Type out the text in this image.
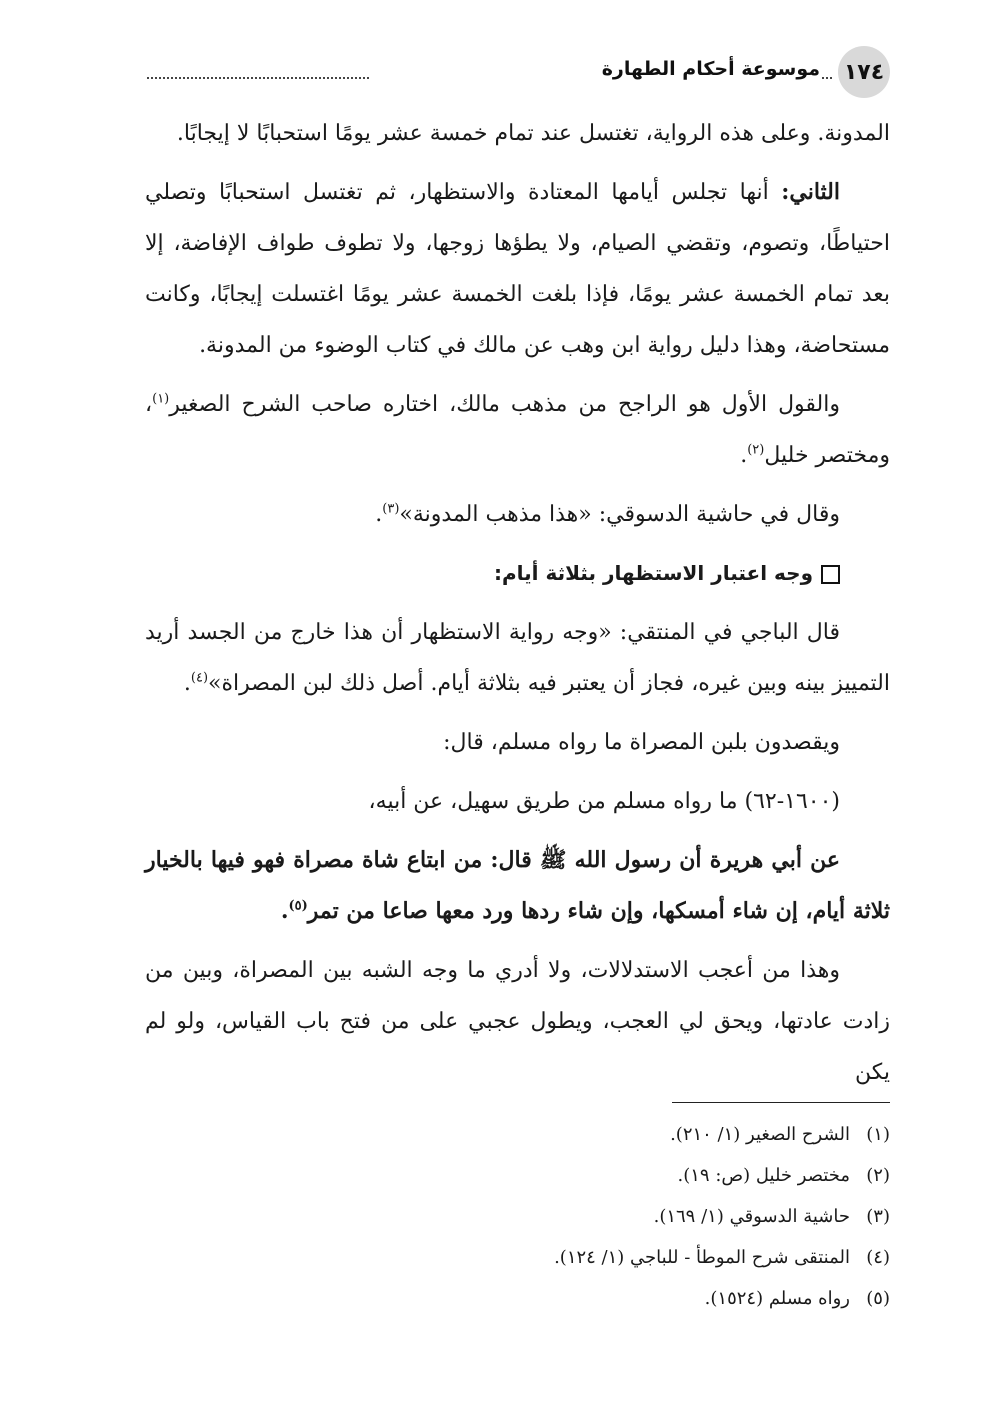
١٧٤
موسوعة أحكام الطهارة

المدونة. وعلى هذه الرواية، تغتسل عند تمام خمسة عشر يومًا استحبابًا لا إيجابًا.

الثاني: أنها تجلس أيامها المعتادة والاستظهار، ثم تغتسل استحبابًا وتصلي احتياطًا، وتصوم، وتقضي الصيام، ولا يطؤها زوجها، ولا تطوف طواف الإفاضة، إلا بعد تمام الخمسة عشر يومًا، فإذا بلغت الخمسة عشر يومًا اغتسلت إيجابًا، وكانت مستحاضة، وهذا دليل رواية ابن وهب عن مالك في كتاب الوضوء من المدونة.

والقول الأول هو الراجح من مذهب مالك، اختاره صاحب الشرح الصغير$^{(١)}$، ومختصر خليل$^{(٢)}$.

وقال في حاشية الدسوقي: «هذا مذهب المدونة»$^{(٣)}$.

وجه اعتبار الاستظهار بثلاثة أيام:

قال الباجي في المنتقي: «وجه رواية الاستظهار أن هذا خارج من الجسد أريد التمييز بينه وبين غيره، فجاز أن يعتبر فيه بثلاثة أيام. أصل ذلك لبن المصراة»$^{(٤)}$.

ويقصدون بلبن المصراة ما رواه مسلم، قال:

(١٦٠٠-٦٢) ما رواه مسلم من طريق سهيل، عن أبيه،

عن أبي هريرة أن رسول الله ﷺ قال: من ابتاع شاة مصراة فهو فيها بالخيار ثلاثة أيام، إن شاء أمسكها، وإن شاء ردها ورد معها صاعا من تمر$^{(٥)}$.

وهذا من أعجب الاستدلالات، ولا أدري ما وجه الشبه بين المصراة، وبين من زادت عادتها، ويحق لي العجب، ويطول عجبي على من فتح باب القياس، ولو لم يكن

(١)الشرح الصغير (١/ ٢١٠).

(٢)مختصر خليل (ص: ١٩).

(٣)حاشية الدسوقي (١/ ١٦٩).

(٤)المنتقى شرح الموطأ - للباجي (١/ ١٢٤).

(٥)رواه مسلم (١٥٢٤).
